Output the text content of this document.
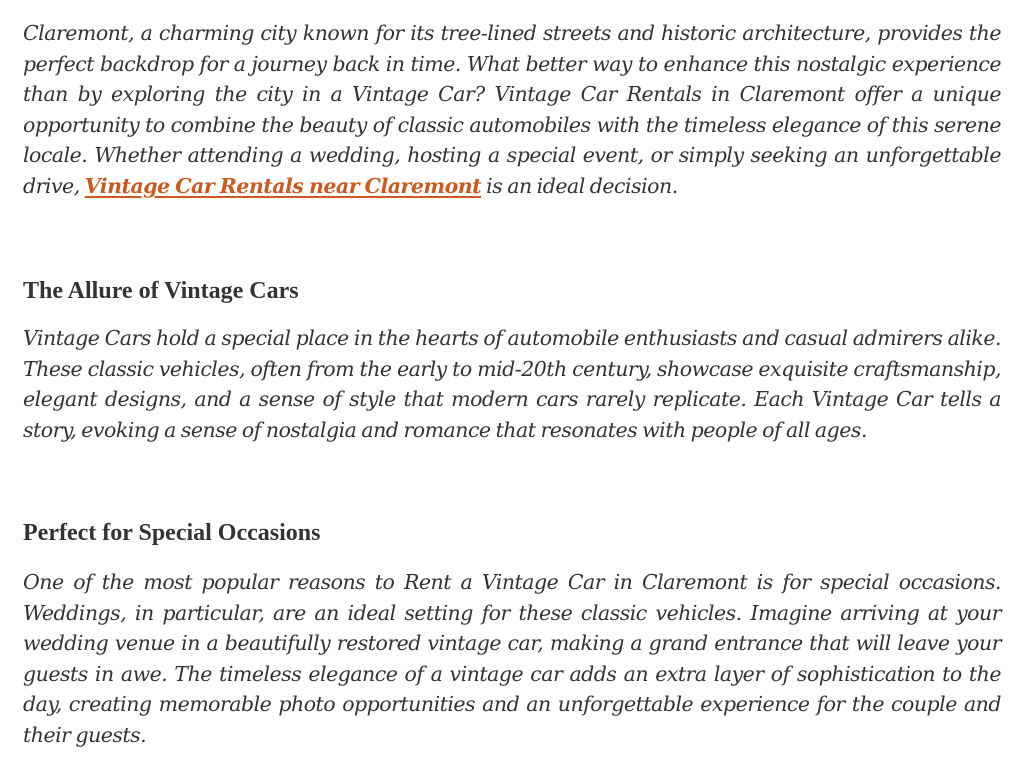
Claremont, a charming city known for its tree-lined streets and historic architecture, provides the perfect backdrop for a journey back in time. What better way to enhance this nostalgic experience than by exploring the city in a Vintage Car? Vintage Car Rentals in Claremont offer a unique opportunity to combine the beauty of classic automobiles with the timeless elegance of this serene locale. Whether attending a wedding, hosting a special event, or simply seeking an unforgettable drive, Vintage Car Rentals near Claremont is an ideal decision.

The Allure of Vintage Cars

Vintage Cars hold a special place in the hearts of automobile enthusiasts and casual admirers alike. These classic vehicles, often from the early to mid-20th century, showcase exquisite craftsmanship, elegant designs, and a sense of style that modern cars rarely replicate. Each Vintage Car tells a story, evoking a sense of nostalgia and romance that resonates with people of all ages.

Perfect for Special Occasions

One of the most popular reasons to Rent a Vintage Car in Claremont is for special occasions. Weddings, in particular, are an ideal setting for these classic vehicles. Imagine arriving at your wedding venue in a beautifully restored vintage car, making a grand entrance that will leave your guests in awe. The timeless elegance of a vintage car adds an extra layer of sophistication to the day, creating memorable photo opportunities and an unforgettable experience for the couple and their guests.
